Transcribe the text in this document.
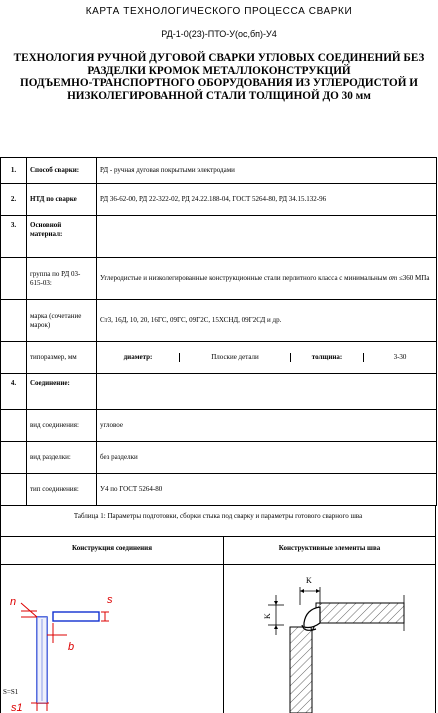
КАРТА ТЕХНОЛОГИЧЕСКОГО ПРОЦЕССА СВАРКИ
РД-1-0(23)-ПТО-У(ос,бп)-У4
ТЕХНОЛОГИЯ РУЧНОЙ ДУГОВОЙ СВАРКИ УГЛОВЫХ СОЕДИНЕНИЙ БЕЗ
РАЗДЕЛКИ КРОМОК МЕТАЛЛОКОНСТРУКЦИЙ
ПОДЪЕМНО-ТРАНСПОРТНОГО ОБОРУДОВАНИЯ ИЗ УГЛЕРОДИСТОЙ И
НИЗКОЛЕГИРОВАННОЙ СТАЛИ ТОЛЩИНОЙ ДО 30 мм
1.	Способ сварки:	РД - ручная дуговая покрытыми электродами
2.	НТД по сварке	РД 36-62-00, РД 22-322-02, РД 24.22.188-04, ГОСТ 5264-80, РД 34.15.132-96
3.	Основной материал:	
	группа по РД 03-615-03:	Углеродистые и низколегированные конструкционные стали перлитного класса с минимальным σт ≤360 МПа
	марка (сочетание марок)	Ст3, 16Д, 10, 20, 16ГС, 09ГС, 09Г2С, 15ХСНД, 09Г2СД и др.
	типоразмер, мм	диаметр: Плоские детали толщина: 3-30

4.	Соединение:	
	вид соединения:	угловое
	вид разделки:	без разделки
	тип соединения:	У4 по ГОСТ 5264-80
Таблица 1: Параметры подготовки, сборки стыка под сварку и параметры готового сварного шва
Конструкция соединения	Конструктивные элементы шва
n	s
b
s1
S=S1
K
K
